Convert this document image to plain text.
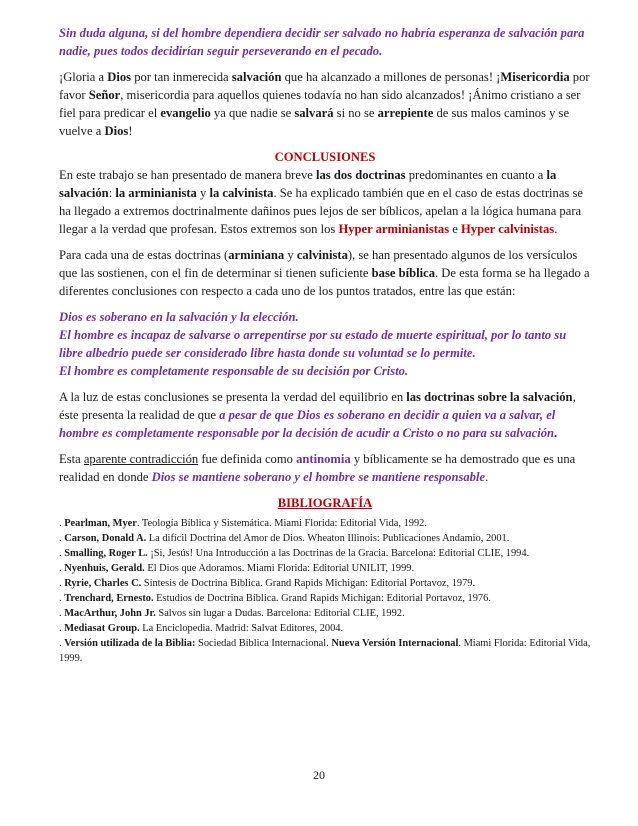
Sin duda alguna, si del hombre dependiera decidir ser salvado no habría esperanza de salvación para nadie, pues todos decidirían seguir perseverando en el pecado.

¡Gloria a Dios por tan inmerecida salvación que ha alcanzado a millones de personas! ¡Misericordia por favor Señor, misericordia para aquellos quienes todavía no han sido alcanzados! ¡Ánimo cristiano a ser fiel para predicar el evangelio ya que nadie se salvará si no se arrepiente de sus malos caminos y se vuelve a Dios!

CONCLUSIONES

En este trabajo se han presentado de manera breve las dos doctrinas predominantes en cuanto a la salvación: la arminianista y la calvinista. Se ha explicado también que en el caso de estas doctrinas se ha llegado a extremos doctrinalmente dañinos pues lejos de ser bíblicos, apelan a la lógica humana para llegar a la verdad que profesan. Estos extremos son los Hyper arminianistas e Hyper calvinistas.

Para cada una de estas doctrinas (arminiana y calvinista), se han presentado algunos de los versículos que las sostienen, con el fin de determinar si tienen suficiente base bíblica. De esta forma se ha llegado a diferentes conclusiones con respecto a cada uno de los puntos tratados, entre las que están:

Dios es soberano en la salvación y la elección.

El hombre es incapaz de salvarse o arrepentirse por su estado de muerte espiritual, por lo tanto su libre albedrío puede ser considerado libre hasta donde su voluntad se lo permite.

El hombre es completamente responsable de su decisión por Cristo.

A la luz de estas conclusiones se presenta la verdad del equilibrio en las doctrinas sobre la salvación, éste presenta la realidad de que a pesar de que Dios es soberano en decidir a quien va a salvar, el hombre es completamente responsable por la decisión de acudir a Cristo o no para su salvación.

Esta aparente contradicción fue definida como antinomia y bíblicamente se ha demostrado que es una realidad en donde Dios se mantiene soberano y el hombre se mantiene responsable.

BIBLIOGRAFÍA

. Pearlman, Myer. Teología Bíblica y Sistemática. Miami Florida: Editorial Vida, 1992.
. Carson, Donald A. La difícil Doctrina del Amor de Dios. Wheaton Illinois: Publicaciones Andamio, 2001.
. Smalling, Roger L. ¡Si, Jesús! Una Introducción a las Doctrinas de la Gracia. Barcelona: Editorial CLIE, 1994.
. Nyenhuis, Gerald. El Dios que Adoramos. Miami Florida: Editorial UNILIT, 1999.
. Ryrie, Charles C. Síntesis de Doctrina Bíblica. Grand Rapids Michigan: Editorial Portavoz, 1979.
. Trenchard, Ernesto. Estudios de Doctrina Bíblica. Grand Rapids Michigan: Editorial Portavoz, 1976.
. MacArthur, John Jr. Salvos sin lugar a Dudas. Barcelona: Editorial CLIE, 1992.
. Mediasat Group. La Enciclopedia. Madrid: Salvat Editores, 2004.
. Versión utilizada de la Biblia: Sociedad Bíblica Internacional. Nueva Versión Internacional. Miami Florida: Editorial Vida, 1999.
20
